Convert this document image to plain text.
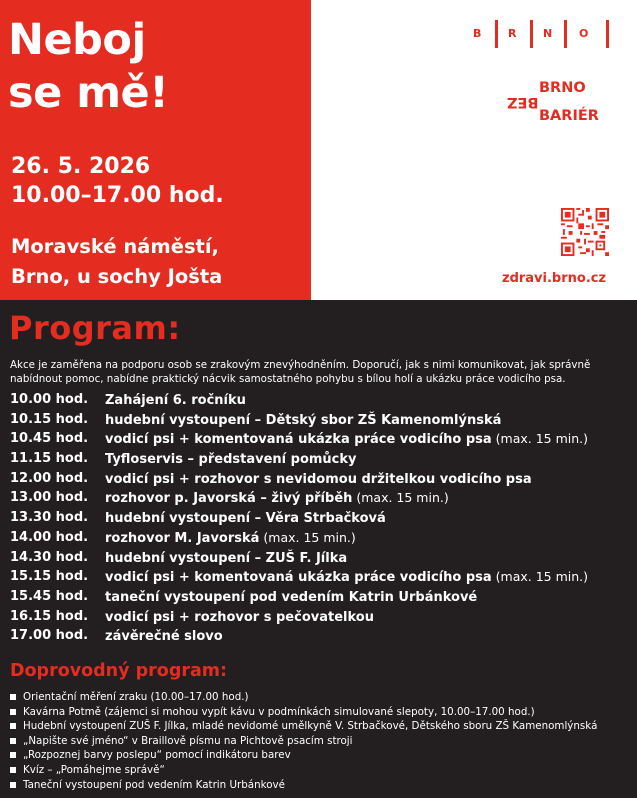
Neboj
se mě!
26. 5. 2026
10.00–17.00 hod.
Moravské náměstí,
Brno, u sochy Jošta
B R N O
BRNO
BEZ
BARIÉR
zdravi.brno.cz
Program:
Akce je zaměřena na podporu osob se zrakovým znevýhodněním. Doporučí, jak s nimi komunikovat, jak správně nabídnout pomoc, nabídne praktický nácvik samostatného pohybu s bílou holí a ukázku práce vodicího psa.
10.00 hod. Zahájení 6. ročníku
10.15 hod. hudební vystoupení – Dětský sbor ZŠ Kamenomlýnská
10.45 hod. vodicí psi + komentovaná ukázka práce vodicího psa (max. 15 min.)
11.15 hod. Tyfloservis – představení pomůcky
12.00 hod. vodicí psi + rozhovor s nevidomou držitelkou vodicího psa
13.00 hod. rozhovor p. Javorská – živý příběh (max. 15 min.)
13.30 hod. hudební vystoupení – Věra Strbačková
14.00 hod. rozhovor M. Javorská (max. 15 min.)
14.30 hod. hudební vystoupení – ZUŠ F. Jílka
15.15 hod. vodicí psi + komentovaná ukázka práce vodicího psa (max. 15 min.)
15.45 hod. taneční vystoupení pod vedením Katrin Urbánkové
16.15 hod. vodicí psi + rozhovor s pečovatelkou
17.00 hod. závěrečné slovo
Doprovodný program:
Orientační měření zraku (10.00–17.00 hod.)
Kavárna Potmě (zájemci si mohou vypít kávu v podmínkách simulované slepoty, 10.00–17.00 hod.)
Hudební vystoupení ZUŠ F. Jílka, mladé nevidomé umělkyně V. Strbačkové, Dětského sboru ZŠ Kamenomlýnská
„Napište své jméno“ v Braillově písmu na Pichtově psacím stroji
„Rozpoznej barvy poslepu“ pomocí indikátoru barev
Kvíz – „Pomáhejme správě“
Taneční vystoupení pod vedením Katrin Urbánkové
